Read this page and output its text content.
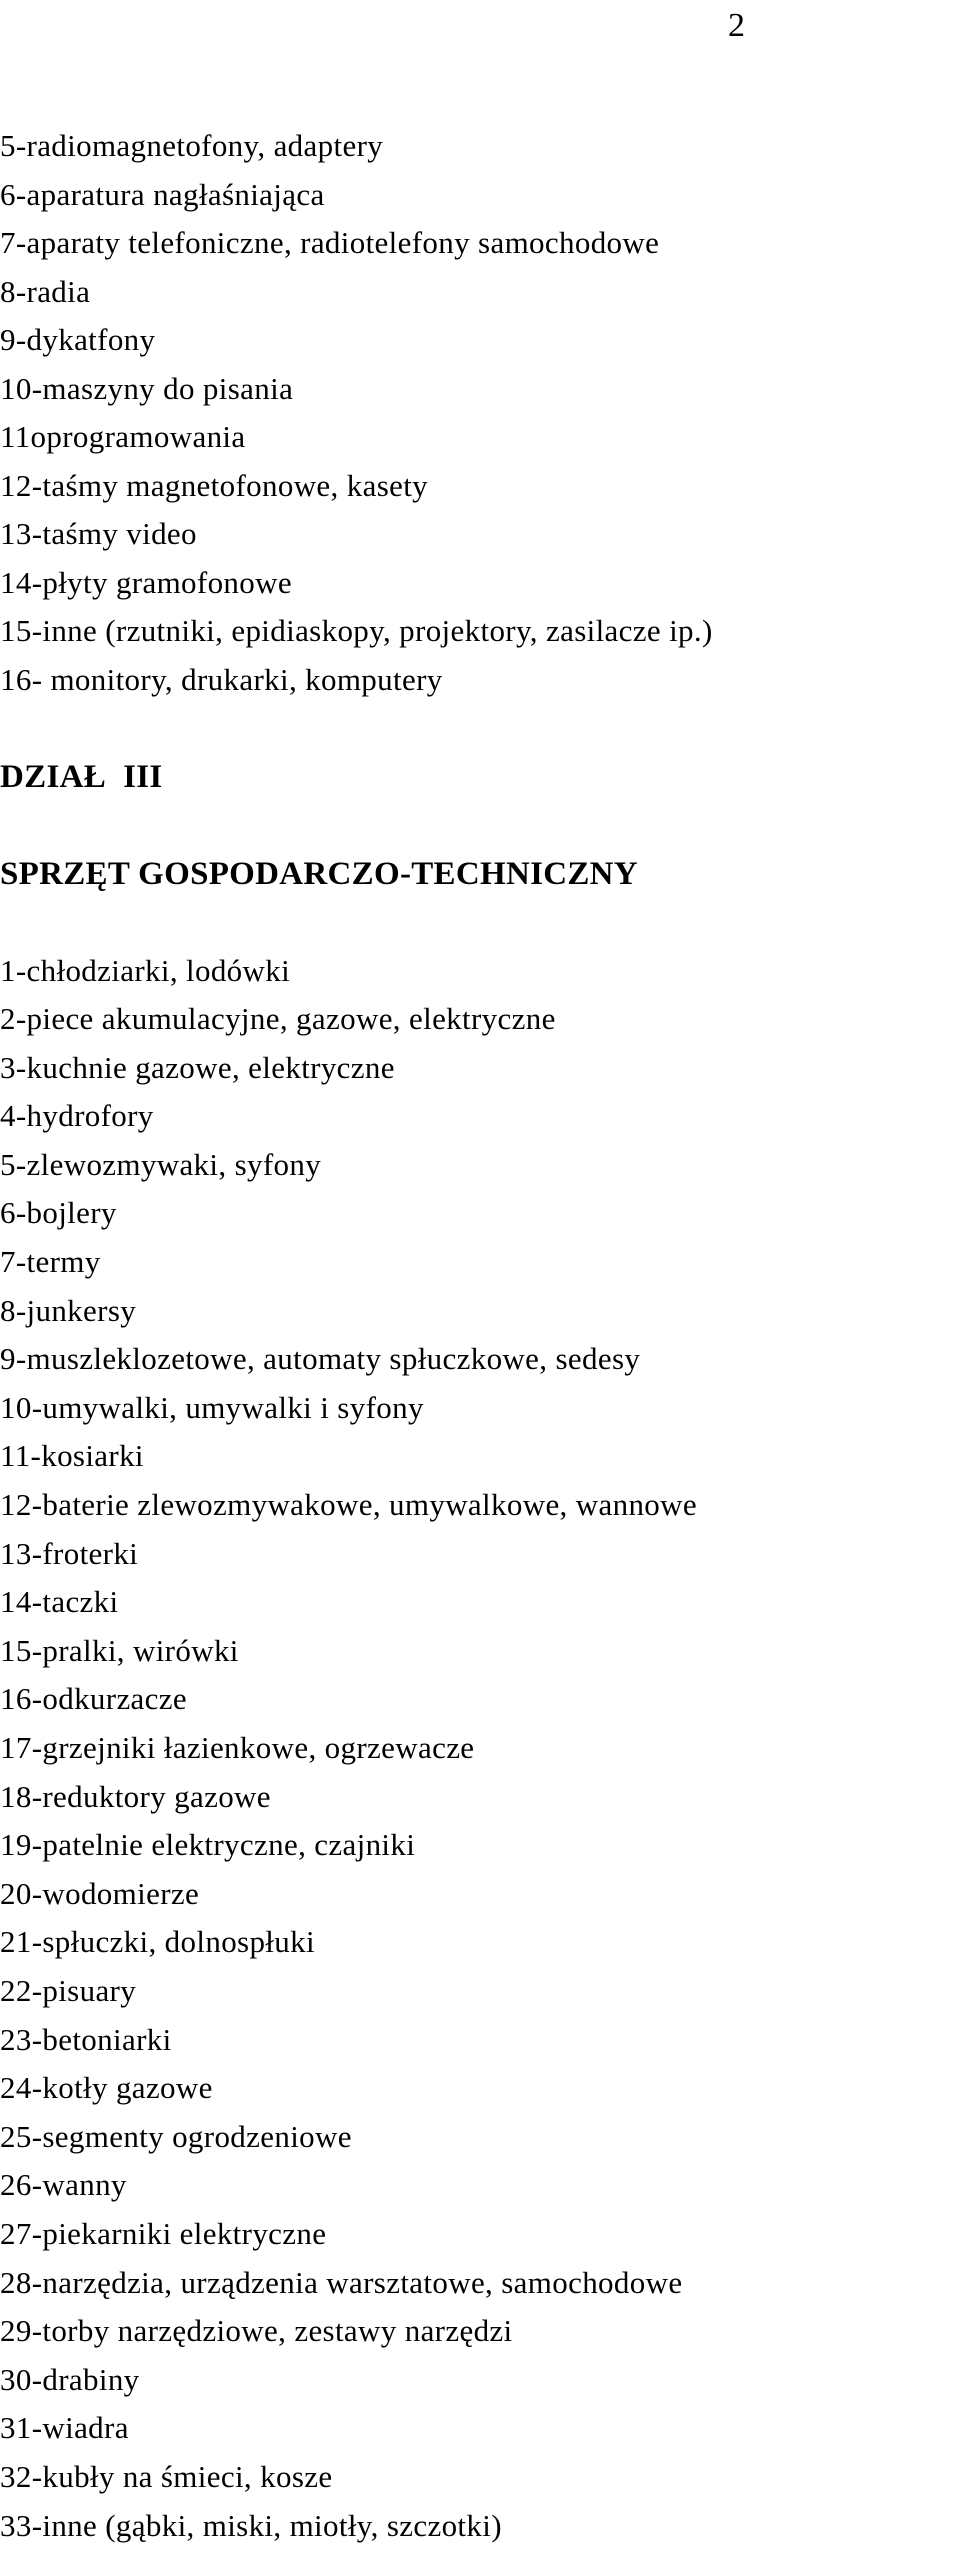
2
5-radiomagnetofony, adaptery
6-aparatura nagłaśniająca
7-aparaty telefoniczne, radiotelefony samochodowe
8-radia
9-dykatfony
10-maszyny do pisania
11oprogramowania
12-taśmy magnetofonowe, kasety
13-taśmy video
14-płyty gramofonowe
15-inne (rzutniki, epidiaskopy, projektory, zasilacze ip.)
16- monitory, drukarki, komputery
DZIAŁ  III
SPRZĘT GOSPODARCZO-TECHNICZNY
1-chłodziarki, lodówki
2-piece akumulacyjne, gazowe, elektryczne
3-kuchnie gazowe, elektryczne
4-hydrofory
5-zlewozmywaki, syfony
6-bojlery
7-termy
8-junkersy
9-muszleklozetowe, automaty spłuczkowe, sedesy
10-umywalki, umywalki i syfony
11-kosiarki
12-baterie zlewozmywakowe, umywalkowe, wannowe
13-froterki
14-taczki
15-pralki, wirówki
16-odkurzacze
17-grzejniki łazienkowe, ogrzewacze
18-reduktory gazowe
19-patelnie elektryczne, czajniki
20-wodomierze
21-spłuczki, dolnospłuki
22-pisuary
23-betoniarki
24-kotły gazowe
25-segmenty ogrodzeniowe
26-wanny
27-piekarniki elektryczne
28-narzędzia, urządzenia warsztatowe, samochodowe
29-torby narzędziowe, zestawy narzędzi
30-drabiny
31-wiadra
32-kubły na śmieci, kosze
33-inne (gąbki, miski, miotły, szczotki)
